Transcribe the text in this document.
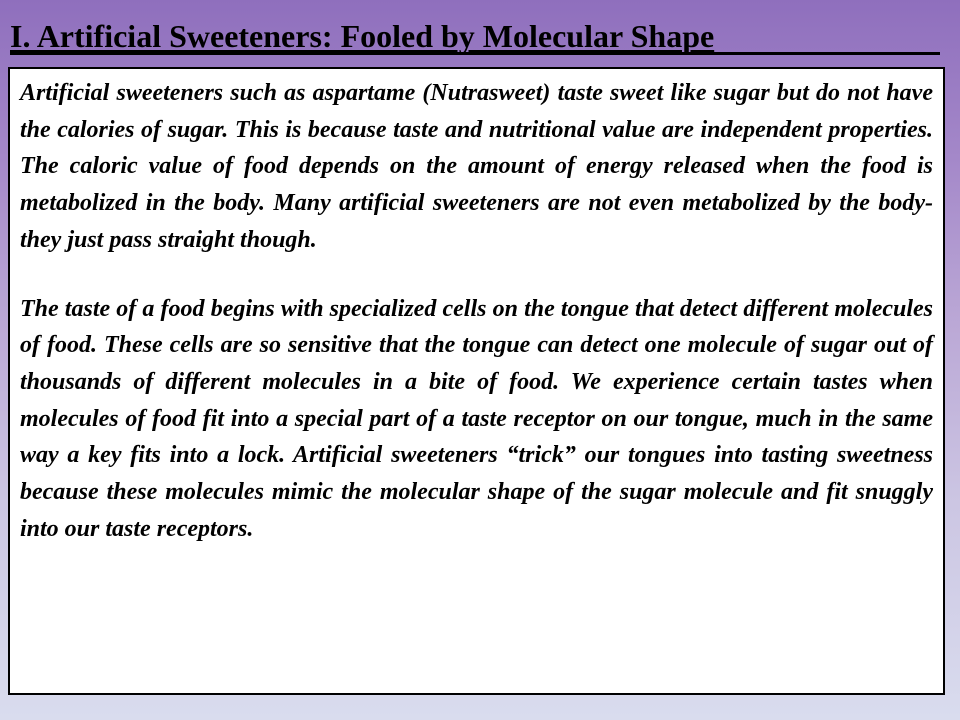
I. Artificial Sweeteners: Fooled by Molecular Shape

Artificial sweeteners such as aspartame (Nutrasweet) taste sweet like sugar but do not have the calories of sugar. This is because taste and nutritional value are independent properties. The caloric value of food depends on the amount of energy released when the food is metabolized in the body. Many artificial sweeteners are not even metabolized by the body- they just pass straight though.

The taste of a food begins with specialized cells on the tongue that detect different molecules of food. These cells are so sensitive that the tongue can detect one molecule of sugar out of thousands of different molecules in a bite of food. We experience certain tastes when molecules of food fit into a special part of a taste receptor on our tongue, much in the same way a key fits into a lock. Artificial sweeteners “trick” our tongues into tasting sweetness because these molecules mimic the molecular shape of the sugar molecule and fit snuggly into our taste receptors.
